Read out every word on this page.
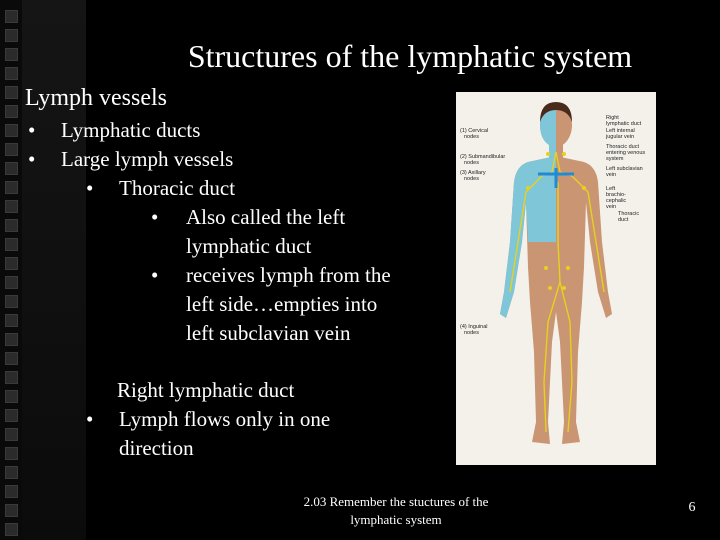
Structures of the lymphatic system
Lymph vessels
• Lymphatic ducts
• Large lymph vessels
• Thoracic duct
• Also called the left
lymphatic duct
• receives lymph from the
left side…empties into
left subclavian vein
Right lymphatic duct
• Lymph flows only in one
direction
(1) Cervical
nodes
(2) Submandibular
nodes
(3) Axillary
nodes
(4) Inguinal
nodes
Right
lymphatic duct
Left internal
jugular vein
Thoracic duct
entering venous
system
Left subclavian
vein
Left
brachio-
cephalic
vein
Thoracic
duct
2.03 Remember the stuctures of the
lymphatic system
6
